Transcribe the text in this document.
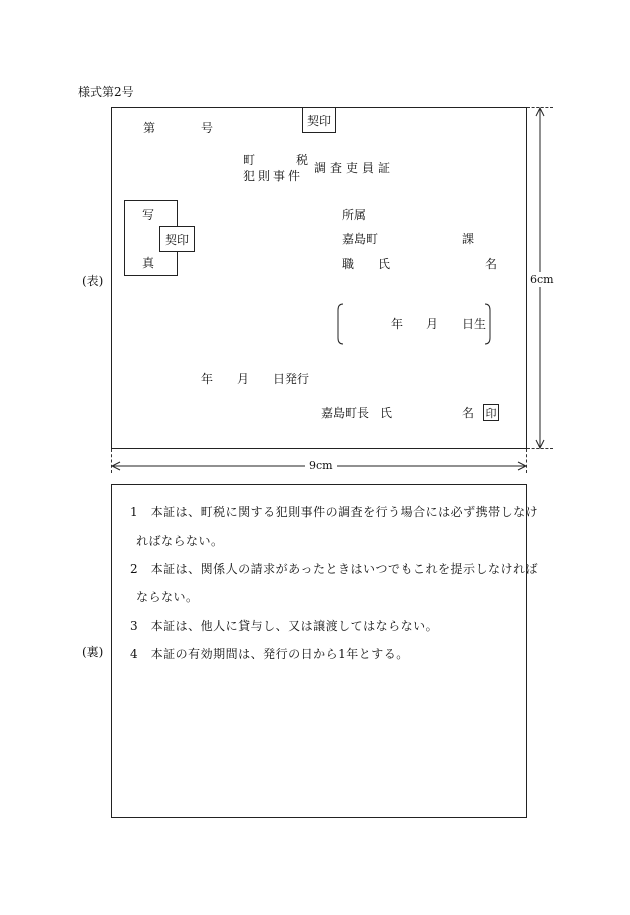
様式第2号
(表)
第	号
契印
町	税
犯則事件
調査吏員証
写
真
契印
所属
嘉島町	課
職 氏	名
年 月 日生
年 月 日発行
嘉島町長 氏	名 印
6cm
9cm
(裏)
1　本証は、町税に関する犯則事件の調査を行う場合には必ず携帯しなけ
ればならない。
2　本証は、関係人の請求があったときはいつでもこれを提示しなければ
ならない。
3　本証は、他人に貸与し、又は譲渡してはならない。
4　本証の有効期間は、発行の日から1年とする。
